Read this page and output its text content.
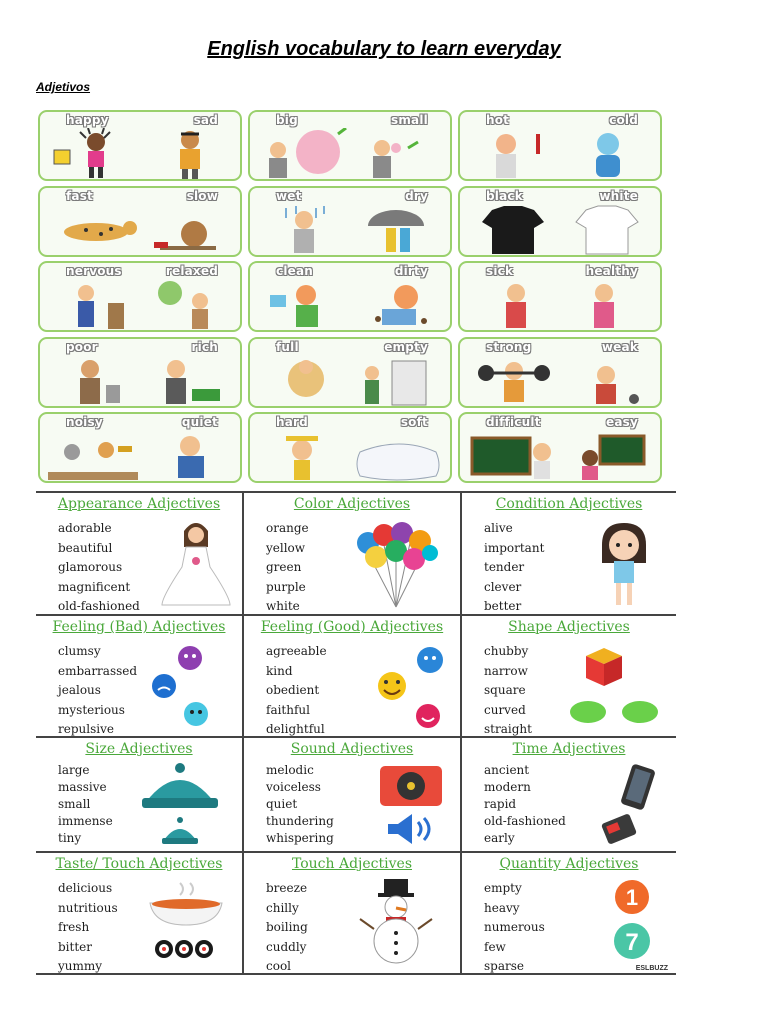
English vocabulary to learn everyday
Adjetivos
happy	sad	big	small	hot	cold
fast	slow	wet	dry	black	white
nervous	relaxed	clean	dirty	sick	healthy
poor	rich	full	empty	strong	weak
noisy	quiet	hard	soft	difficult	easy
Appearance Adjectives
adorable
beautiful
glamorous
magnificent
old-fashioned
Color Adjectives
orange
yellow
green
purple
white
Condition Adjectives
alive
important
tender
clever
better
Feeling (Bad) Adjectives
clumsy
embarrassed
jealous
mysterious
repulsive
Feeling (Good) Adjectives
agreeable
kind
obedient
faithful
delightful
Shape Adjectives
chubby
narrow
square
curved
straight
Size Adjectives
large
massive
small
immense
tiny
Sound Adjectives
melodic
voiceless
quiet
thundering
whispering
Time Adjectives
ancient
modern
rapid
old-fashioned
early
Taste/ Touch Adjectives
delicious
nutritious
fresh
bitter
yummy
Touch Adjectives
breeze
chilly
boiling
cuddly
cool
Quantity Adjectives
empty
heavy
numerous
few
sparse
1
7
ESLBUZZ
